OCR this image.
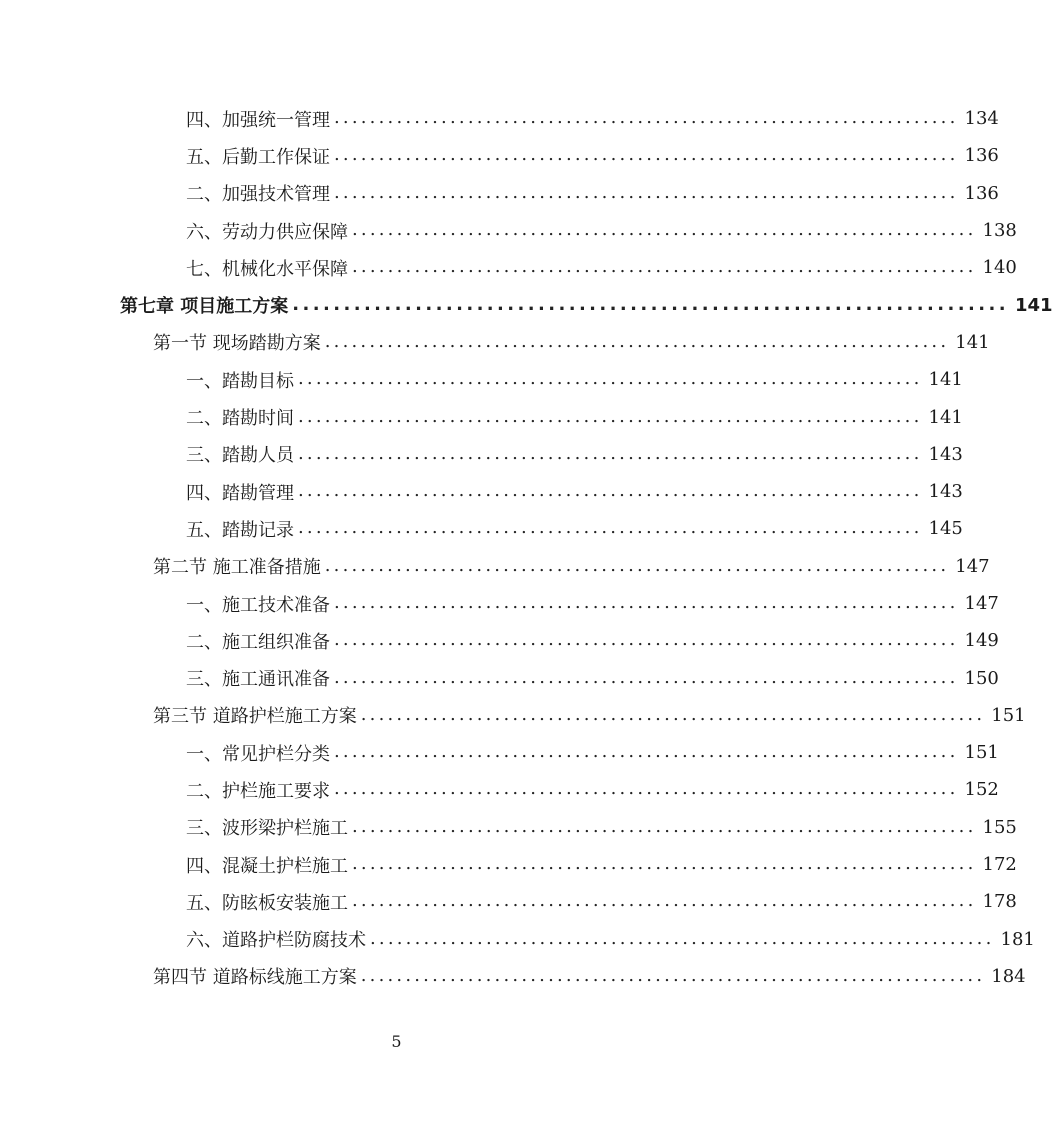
四、加强统一管理 ...................................................................... 134
五、后勤工作保证 ...................................................................... 136
二、加强技术管理 ...................................................................... 136
六、劳动力供应保障 ...................................................................... 138
七、机械化水平保障 ...................................................................... 140
第七章 项目施工方案 ...................................................................... 141
第一节 现场踏勘方案 ...................................................................... 141
一、踏勘目标 ...................................................................... 141
二、踏勘时间 ...................................................................... 141
三、踏勘人员 ...................................................................... 143
四、踏勘管理 ...................................................................... 143
五、踏勘记录 ...................................................................... 145
第二节 施工准备措施 ...................................................................... 147
一、施工技术准备 ...................................................................... 147
二、施工组织准备 ...................................................................... 149
三、施工通讯准备 ...................................................................... 150
第三节 道路护栏施工方案 ...................................................................... 151
一、常见护栏分类 ...................................................................... 151
二、护栏施工要求 ...................................................................... 152
三、波形梁护栏施工 ...................................................................... 155
四、混凝土护栏施工 ...................................................................... 172
五、防眩板安装施工 ...................................................................... 178
六、道路护栏防腐技术 ...................................................................... 181
第四节 道路标线施工方案 ...................................................................... 184
5
